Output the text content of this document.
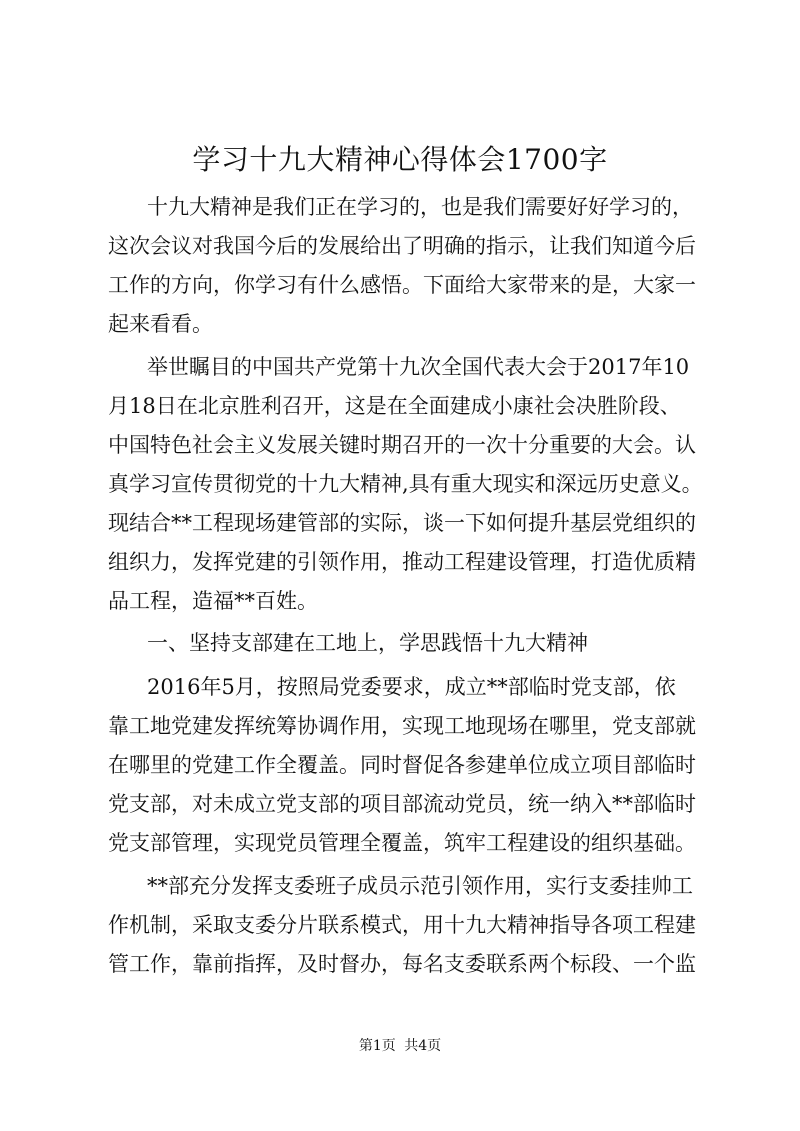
学习十九大精神心得体会1700字
十九大精神是我们正在学习的，也是我们需要好好学习的，
这次会议对我国今后的发展给出了明确的指示，让我们知道今后
工作的方向，你学习有什么感悟。下面给大家带来的是，大家一
起来看看。
举世瞩目的中国共产党第十九次全国代表大会于2017年10
月18日在北京胜利召开，这是在全面建成小康社会决胜阶段、
中国特色社会主义发展关键时期召开的一次十分重要的大会。认
真学习宣传贯彻党的十九大精神,具有重大现实和深远历史意义。
现结合**工程现场建管部的实际，谈一下如何提升基层党组织的
组织力，发挥党建的引领作用，推动工程建设管理，打造优质精
品工程，造福**百姓。
一、坚持支部建在工地上，学思践悟十九大精神
2016年5月，按照局党委要求，成立**部临时党支部，依
靠工地党建发挥统筹协调作用，实现工地现场在哪里，党支部就
在哪里的党建工作全覆盖。同时督促各参建单位成立项目部临时
党支部，对未成立党支部的项目部流动党员，统一纳入**部临时
党支部管理，实现党员管理全覆盖，筑牢工程建设的组织基础。
**部充分发挥支委班子成员示范引领作用，实行支委挂帅工
作机制，采取支委分片联系模式，用十九大精神指导各项工程建
管工作，靠前指挥，及时督办，每名支委联系两个标段、一个监
第1页 共4页
